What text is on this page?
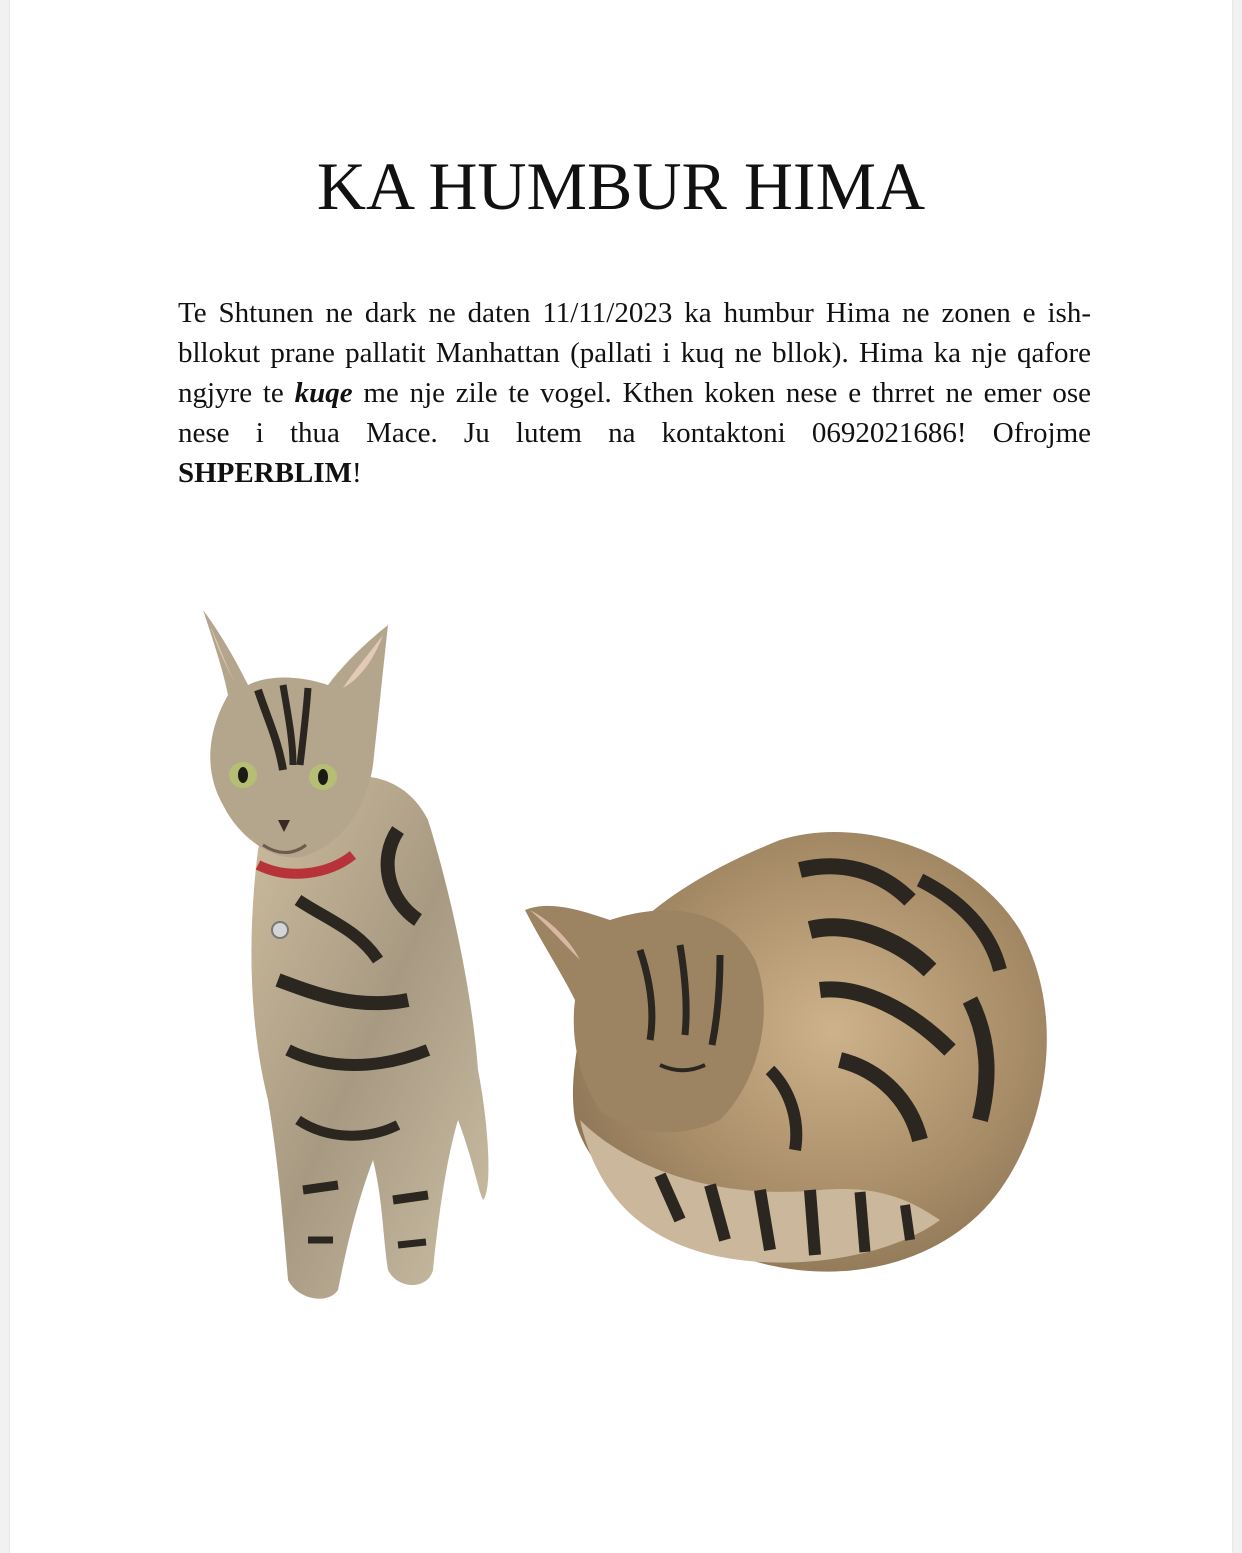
KA HUMBUR HIMA

Te Shtunen ne dark ne daten 11/11/2023 ka humbur Hima ne zonen e ish-bllokut prane pallatit Manhattan (pallati i kuq ne bllok). Hima ka nje qafore ngjyre te kuqe me nje zile te vogel. Kthen koken nese e thrret ne emer ose nese i thua Mace. Ju lutem na kontaktoni 0692021686! Ofrojme SHPERBLIM!
